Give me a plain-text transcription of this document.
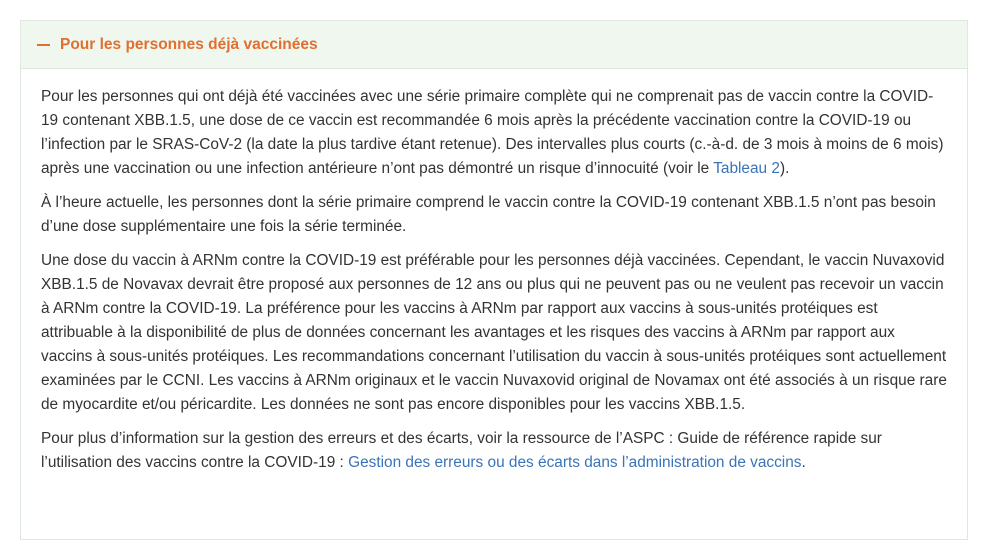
Pour les personnes déjà vaccinées

Pour les personnes qui ont déjà été vaccinées avec une série primaire complète qui ne comprenait pas de vaccin contre la COVID-19 contenant XBB.1.5, une dose de ce vaccin est recommandée 6 mois après la précédente vaccination contre la COVID-19 ou l’infection par le SRAS-CoV-2 (la date la plus tardive étant retenue). Des intervalles plus courts (c.-à-d. de 3 mois à moins de 6 mois) après une vaccination ou une infection antérieure n’ont pas démontré un risque d’innocuité (voir le Tableau 2).

À l’heure actuelle, les personnes dont la série primaire comprend le vaccin contre la COVID-19 contenant XBB.1.5 n’ont pas besoin d’une dose supplémentaire une fois la série terminée.

Une dose du vaccin à ARNm contre la COVID-19 est préférable pour les personnes déjà vaccinées. Cependant, le vaccin Nuvaxovid XBB.1.5 de Novavax devrait être proposé aux personnes de 12 ans ou plus qui ne peuvent pas ou ne veulent pas recevoir un vaccin à ARNm contre la COVID-19. La préférence pour les vaccins à ARNm par rapport aux vaccins à sous-unités protéiques est attribuable à la disponibilité de plus de données concernant les avantages et les risques des vaccins à ARNm par rapport aux vaccins à sous-unités protéiques. Les recommandations concernant l’utilisation du vaccin à sous-unités protéiques sont actuellement examinées par le CCNI. Les vaccins à ARNm originaux et le vaccin Nuvaxovid original de Novamax ont été associés à un risque rare de myocardite et/ou péricardite. Les données ne sont pas encore disponibles pour les vaccins XBB.1.5.

Pour plus d’information sur la gestion des erreurs et des écarts, voir la ressource de l’ASPC : Guide de référence rapide sur l’utilisation des vaccins contre la COVID-19 : Gestion des erreurs ou des écarts dans l’administration de vaccins.
